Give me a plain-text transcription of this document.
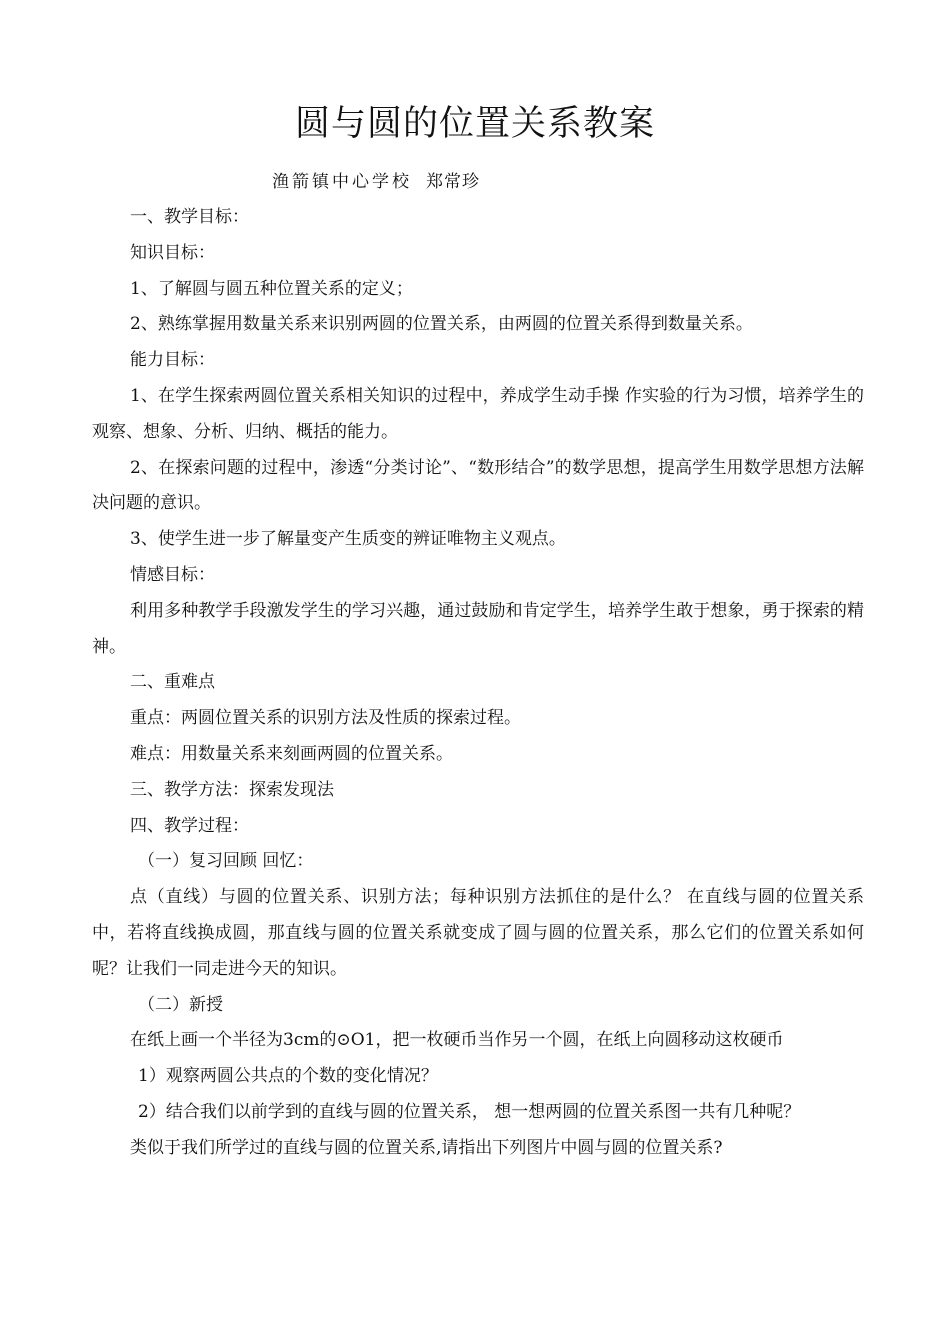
圆与圆的位置关系教案
渔箭镇中心学校 郑常珍

一、教学目标：

知识目标：

1、了解圆与圆五种位置关系的定义；

2、熟练掌握用数量关系来识别两圆的位置关系，由两圆的位置关系得到数量关系。

能力目标：

1、在学生探索两圆位置关系相关知识的过程中，养成学生动手操 作实验的行为习惯，培养学生的观察、想象、分析、归纳、概括的能力。

2、在探索问题的过程中，渗透“分类讨论”、“数形结合”的数学思想，提高学生用数学思想方法解决问题的意识。

3、使学生进一步了解量变产生质变的辨证唯物主义观点。

情感目标：

利用多种教学手段激发学生的学习兴趣，通过鼓励和肯定学生，培养学生敢于想象，勇于探索的精神。

二、重难点

重点：两圆位置关系的识别方法及性质的探索过程。

难点：用数量关系来刻画两圆的位置关系。

三、教学方法：探索发现法

四、教学过程：

（一）复习回顾 回忆：

点（直线）与圆的位置关系、识别方法；每种识别方法抓住的是什么？ 在直线与圆的位置关系中，若将直线换成圆，那直线与圆的位置关系就变成了圆与圆的位置关系，那么它们的位置关系如何呢？让我们一同走进今天的知识。

（二）新授

在纸上画一个半径为3cm的⊙O1，把一枚硬币当作另一个圆，在纸上向圆移动这枚硬币

1）观察两圆公共点的个数的变化情况？

2）结合我们以前学到的直线与圆的位置关系， 想一想两圆的位置关系图一共有几种呢？

类似于我们所学过的直线与圆的位置关系,请指出下列图片中圆与圆的位置关系?
